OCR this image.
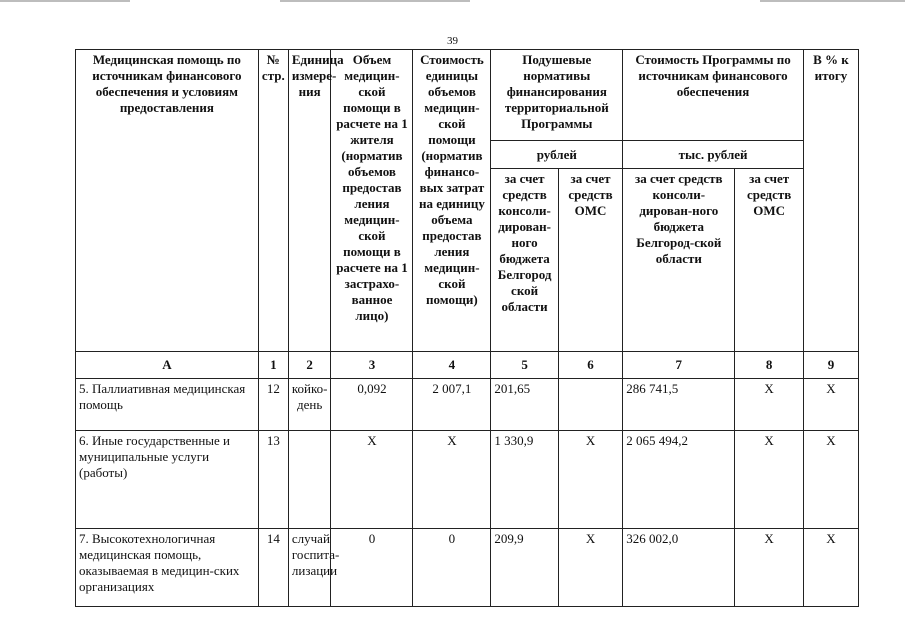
39
Медицинская помощь по источникам финансового обеспечения и условиям предоставления	№ стр.	Единица измере-ния	Объем медицин-ской помощи в расчете на 1 жителя (норматив объемов предостав ления медицин-ской помощи в расчете на 1 застрахо-ванное лицо)	Стоимость единицы объемов медицин-ской помощи (норматив финансо-вых затрат на единицу объема предостав ления медицин-ской помощи)	Подушевые нормативы финансирования территориальной Программы		Стоимость Программы по источникам финансового обеспечения		В % к итогу
					рублей		тыс. рублей		
					за счет средств консоли-дирован-ного бюджета Белгород ской области	за счет средств ОМС	за счет средств консоли-дирован-ного бюджета Белгород-ской области	за счет средств ОМС	
А	1	2	3	4	5	6	7	8	9
5. Паллиативная медицинская помощь	12	койко-день	0,092	2 007,1	201,65		286 741,5	Х	Х
6. Иные государственные и муниципальные услуги (работы)	13		Х	Х	1 330,9	Х	2 065 494,2	Х	Х
7. Высокотехнологичная медицинская помощь, оказываемая в медицин-ских организациях	14	случай госпита-лизации	0	0	209,9	Х	326 002,0	Х	Х
